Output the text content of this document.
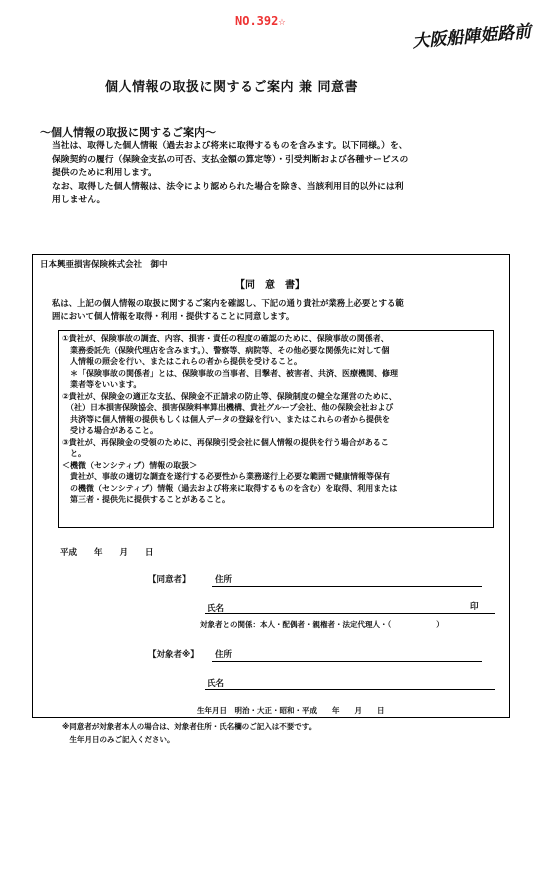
NO.392☆
大阪船陣姫路前
個人情報の取扱に関するご案内 兼 同意書
～個人情報の取扱に関するご案内～
当社は、取得した個人情報（過去および将来に取得するものを含みます。以下同様。）を、
保険契約の履行（保険金支払の可否、支払金額の算定等）・引受判断および各種サービスの
提供のために利用します。
なお、取得した個人情報は、法令により認められた場合を除き、当該利用目的以外には利
用しません。
日本興亜損害保険株式会社　御中
【同　意　書】
私は、上記の個人情報の取扱に関するご案内を確認し、下記の通り貴社が業務上必要とする範
囲において個人情報を取得・利用・提供することに同意します。

①貴社が、保険事故の調査、内容、損害・責任の程度の確認のために、保険事故の関係者、

　業務委託先（保険代理店を含みます。）、警察等、病院等、その他必要な関係先に対して個

　人情報の照会を行い、またはこれらの者から提供を受けること。

　＊「保険事故の関係者」とは、保険事故の当事者、目撃者、被害者、共済、医療機関、修理

　業者等をいいます。

②貴社が、保険金の適正な支払、保険金不正請求の防止等、保険制度の健全な運営のために、

　（社）日本損害保険協会、損害保険料率算出機構、貴社グループ会社、他の保険会社および

　共済等に個人情報の提供もしくは個人データの登録を行い、またはこれらの者から提供を

　受ける場合があること。

③貴社が、再保険金の受領のために、再保険引受会社に個人情報の提供を行う場合があるこ

　と。

＜機微（センシティブ）情報の取扱＞

　貴社が、事故の適切な調査を遂行する必要性から業務遂行上必要な範囲で健康情報等保有

　の機微（センシティブ）情報（過去および将来に取得するものを含む）を取得、利用または

　第三者・提供先に提供することがあること。

平成　　年　　月　　日
【同意者】	住所
氏名	印
対象者との関係：本人・配偶者・親権者・法定代理人・（　　　　　　）
【対象者※】 住所
氏名
生年月日　明治・大正・昭和・平成　　年　　月　　日
※同意者が対象者本人の場合は、対象者住所・氏名欄のご記入は不要です。
　生年月日のみご記入ください。
